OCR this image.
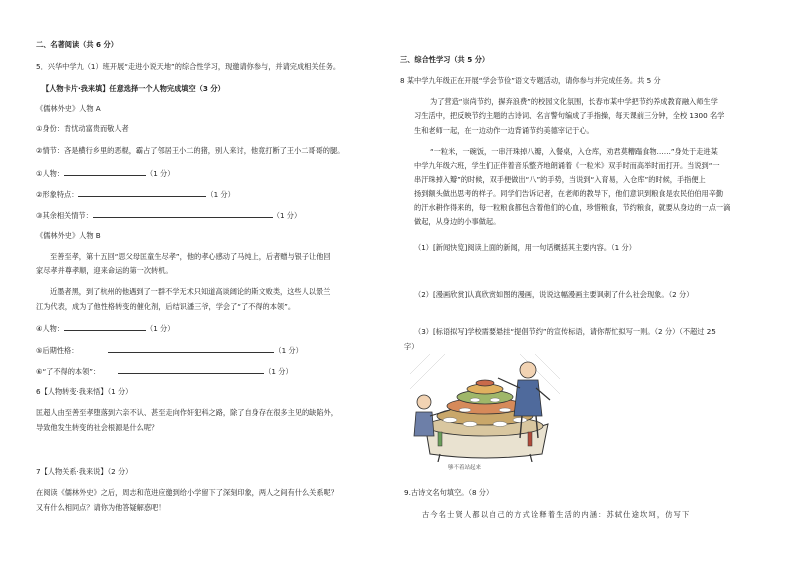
二、名著阅读（共 6 分）
5．兴华中学九（1）班开展“走进小说天地”的综合性学习，现邀请你参与，并请完成相关任务。
【人物卡片·我来填】任意选择一个人物完成填空（3 分）
《儒林外史》人物 A
①身份：肯忧动富贵而敬人者
②情节：吝是横行乡里的恶棍，霸占了邻居王小二的猪，别人来讨，他竟打断了王小二哥哥的腿。
①人物：	（1 分）
②形象特点：	（1 分）
③其余相关情节：	（1 分）
《儒林外史》人物 B
至善至孝，第十五回“思父母匡童生尽孝”，他的孝心感动了马纯上，后者赠与银子让他回
家尽孝并尊孝顺，迎来命运的第一次转机。
近墨者黑，到了杭州的他遇到了一群不学无术只知道高谈阔论的斯文败类，这些人以景兰
江为代表，成为了他性格转变的催化剂，后结识潘三爷，学会了“了不得的本领”。
④人物：	（1 分）
⑤后期性格：	（1 分）
⑥“了不得的本领”：	（1 分）
6【人物转变·我来悟】（1 分）
匡超人由至善至孝堕落到六亲不认、甚至走向作奸犯科之路，除了自身存在很多主见的缺陷外，
导致他发生转变的社会根源是什么呢？
7【人物关系·我来说】（2 分）
在阅读《儒林外史》之后，周志和范进应邀到给小学留下了深刻印象，两人之间有什么关系呢？
又有什么相同点？请你为他答疑解惑吧！
三、综合性学习（共 5 分）
8 某中学九年级正在开展“学会节俭”语文专题活动，请你参与并完成任务。共 5 分
为了营造“崇尚节约，摒弃浪费”的校园文化氛围，长春市某中学把节约养成教育融入师生学
习生活中，把反映节约主题的古诗词、名言警句编成了手指操，每天课前三分钟，全校 1300 名学
生和老师一起，在一边动作一边背诵节约美德宰记于心。
“一粒米，一碗饭，一串汗珠掉八瓣，入餐桌，入仓库，劝君莫糟蹋食物……”身处于走进某
中学九年级六班，学生们正伴着音乐整齐地朗诵着《一粒米》双手时而高举时而打开。当说到“一
串汗珠掉入瓣”的时候，双手便做出“八”的手势，当说到“入育易，入仓库”的时候，手指便上
扬到额头做出思考的样子。同学们告诉记者，在老师的教导下，他们意识到粮食是农民伯伯用辛勤
的汗水耕作得来的，每一粒粮食都包含着他们的心血，珍惜粮食，节约粮食，就要从身边的一点一滴
做起，从身边的小事做起。
（1）[新闻快览]阅读上面的新闻，用一句话概括其主要内容。（1 分）
（2）[漫画欣赏]认真欣赏如图的漫画，说说这幅漫画主要讽刺了什么社会现象。（2 分）
（3）[标语拟写]学校需要悬挂“提倡节约”的宣传标语，请你帮忙拟写一则。（2 分）（不超过 25
字）
够不着站起来
9.古诗文名句填空。（8 分）
古今名士贤人都以自己的方式诠释着生活的内涵：苏轼仕途坎坷，仿写下
